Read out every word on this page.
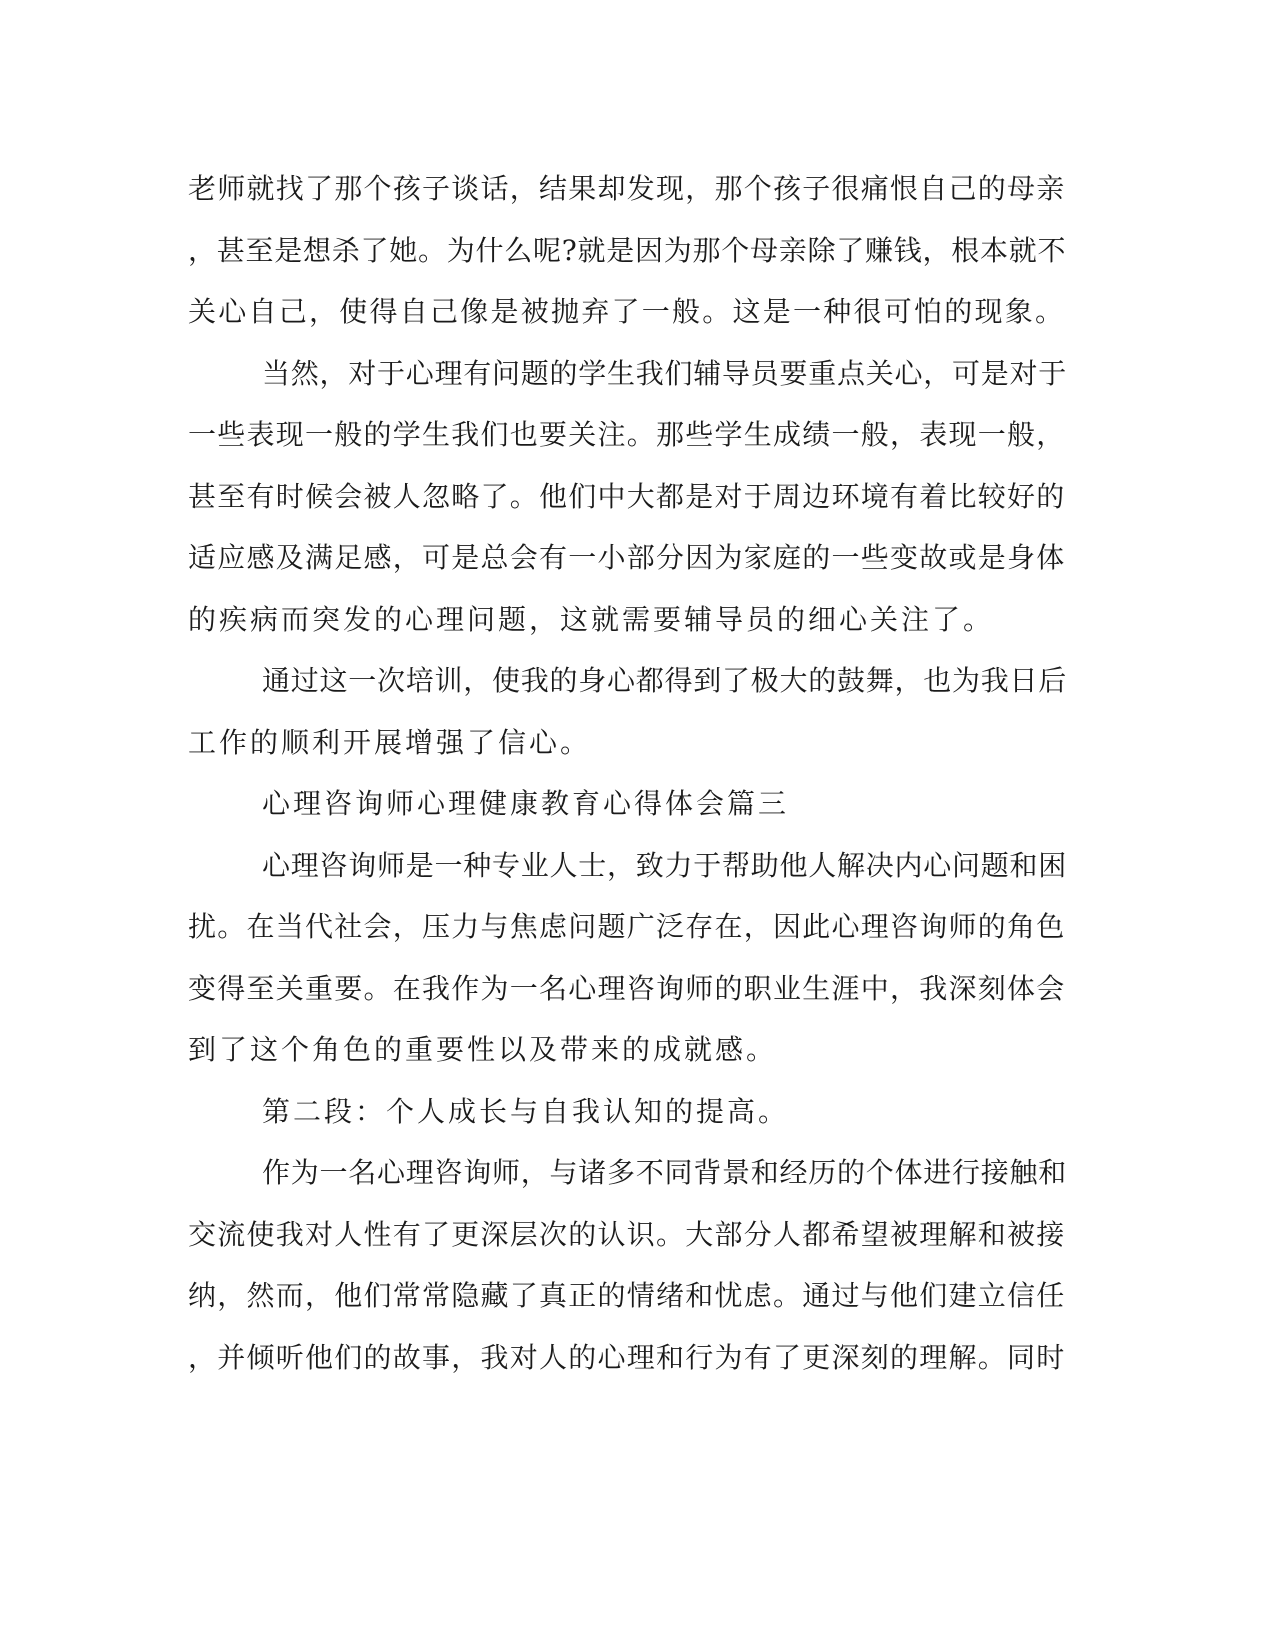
老师就找了那个孩子谈话，结果却发现，那个孩子很痛恨自己的母亲
，甚至是想杀了她。为什么呢?就是因为那个母亲除了赚钱，根本就不
关心自己，使得自己像是被抛弃了一般。这是一种很可怕的现象。
当然，对于心理有问题的学生我们辅导员要重点关心，可是对于
一些表现一般的学生我们也要关注。那些学生成绩一般，表现一般，
甚至有时候会被人忽略了。他们中大都是对于周边环境有着比较好的
适应感及满足感，可是总会有一小部分因为家庭的一些变故或是身体
的疾病而突发的心理问题，这就需要辅导员的细心关注了。
通过这一次培训，使我的身心都得到了极大的鼓舞，也为我日后
工作的顺利开展增强了信心。
心理咨询师心理健康教育心得体会篇三
心理咨询师是一种专业人士，致力于帮助他人解决内心问题和困
扰。在当代社会，压力与焦虑问题广泛存在，因此心理咨询师的角色
变得至关重要。在我作为一名心理咨询师的职业生涯中，我深刻体会
到了这个角色的重要性以及带来的成就感。
第二段：个人成长与自我认知的提高。
作为一名心理咨询师，与诸多不同背景和经历的个体进行接触和
交流使我对人性有了更深层次的认识。大部分人都希望被理解和被接
纳，然而，他们常常隐藏了真正的情绪和忧虑。通过与他们建立信任
，并倾听他们的故事，我对人的心理和行为有了更深刻的理解。同时
